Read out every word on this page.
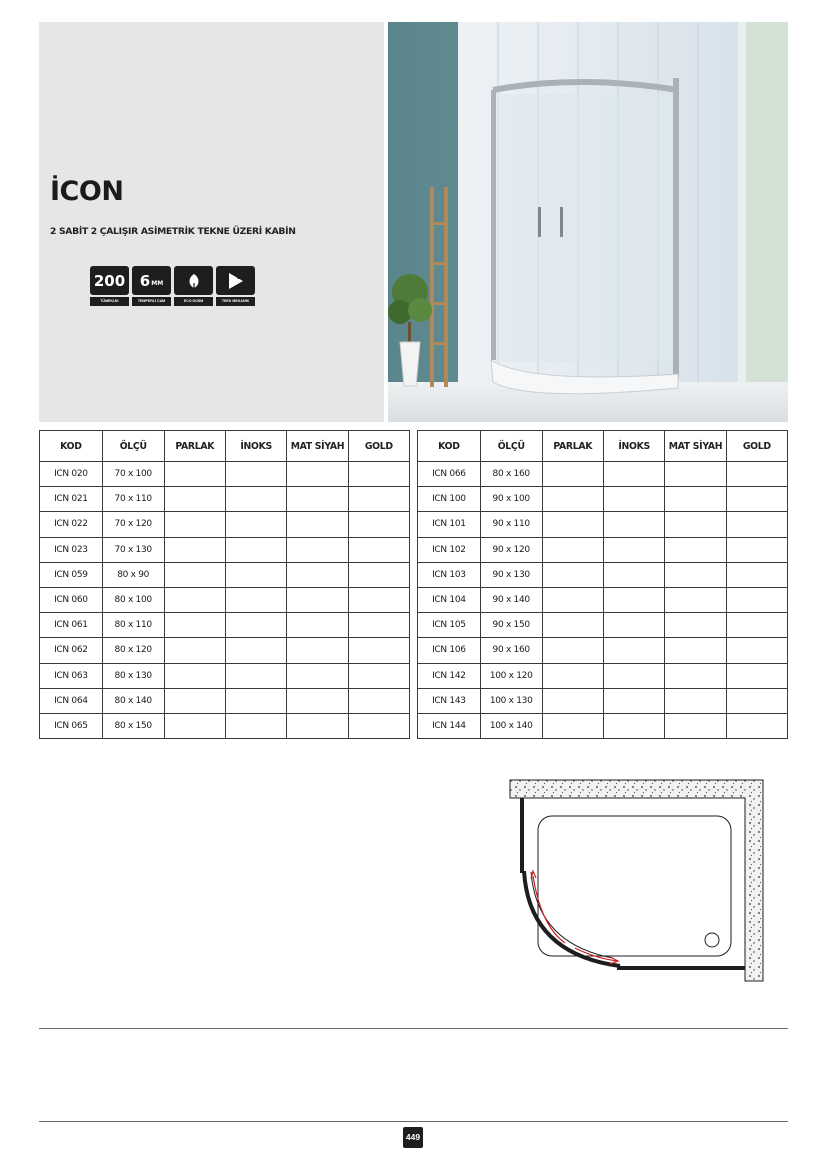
İCON
2 SABİT 2 ÇALIŞIR ASİMETRİK TEKNE ÜZERİ KABİN
200
TÜMEKLİK
6 MM
TEMPERLİ CAM	ECO DOSM	TEEK MEKANİK
KOD	ÖLÇÜ	PARLAK	İNOKS	MAT SİYAH	GOLD
ICN 020	70 x 100				
ICN 021	70 x 110				
ICN 022	70 x 120				
ICN 023	70 x 130				
ICN 059	80 x 90				
ICN 060	80 x 100				
ICN 061	80 x 110				
ICN 062	80 x 120				
ICN 063	80 x 130				
ICN 064	80 x 140				
ICN 065	80 x 150				
KOD	ÖLÇÜ	PARLAK	İNOKS	MAT SİYAH	GOLD
ICN 066	80 x 160				
ICN 100	90 x 100				
ICN 101	90 x 110				
ICN 102	90 x 120				
ICN 103	90 x 130				
ICN 104	90 x 140				
ICN 105	90 x 150				
ICN 106	90 x 160				
ICN 142	100 x 120				
ICN 143	100 x 130				
ICN 144	100 x 140				
449
